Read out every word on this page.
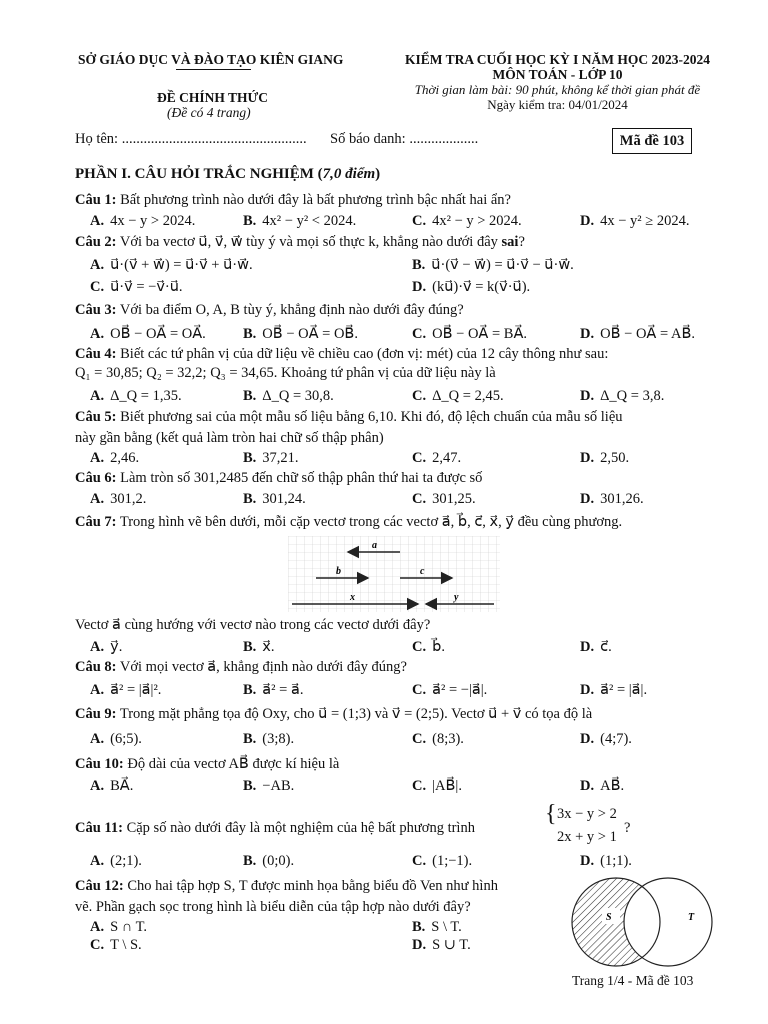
SỞ GIÁO DỤC VÀ ĐÀO TẠO KIÊN GIANG
ĐỀ CHÍNH THỨC
(Đề có 4 trang)
KIỂM TRA CUỐI HỌC KỲ I NĂM HỌC 2023-2024
MÔN TOÁN - LỚP 10
Thời gian làm bài: 90 phút, không kể thời gian phát đề
Ngày kiểm tra: 04/01/2024
Họ tên: ................................................... Số báo danh: ...................	Mã đề 103
PHẦN I. CÂU HỎI TRẮC NGHIỆM (7,0 điểm)
Câu 1: Bất phương trình nào dưới đây là bất phương trình bậc nhất hai ẩn?
A. 4x − y > 2024.	B. 4x² − y² < 2024.	C. 4x² − y > 2024.	D. 4x − y² ≥ 2024.
Câu 2: Với ba vectơ u⃗, v⃗, w⃗ tùy ý và mọi số thực k, khẳng nào dưới đây sai?
A. u⃗·(v⃗ + w⃗) = u⃗·v⃗ + u⃗·w⃗.	B. u⃗·(v⃗ − w⃗) = u⃗·v⃗ − u⃗·w⃗.
C. u⃗·v⃗ = −v⃗·u⃗.	D. (ku⃗)·v⃗ = k(v⃗·u⃗).
Câu 3: Với ba điểm O, A, B tùy ý, khẳng định nào dưới đây đúng?
A. OB⃗ − OA⃗ = OA⃗.	B. OB⃗ − OA⃗ = OB⃗.	C. OB⃗ − OA⃗ = BA⃗.	D. OB⃗ − OA⃗ = AB⃗.
Câu 4: Biết các tứ phân vị của dữ liệu về chiều cao (đơn vị: mét) của 12 cây thông như sau:
Q₁ = 30,85; Q₂ = 32,2; Q₃ = 34,65. Khoảng tứ phân vị của dữ liệu này là
A. Δ_Q = 1,35.	B. Δ_Q = 30,8.	C. Δ_Q = 2,45.	D. Δ_Q = 3,8.
Câu 5: Biết phương sai của một mẫu số liệu bằng 6,10. Khi đó, độ lệch chuẩn của mẫu số liệu
này gần bằng (kết quả làm tròn hai chữ số thập phân)
A. 2,46.	B. 37,21.	C. 2,47.	D. 2,50.
Câu 6: Làm tròn số 301,2485 đến chữ số thập phân thứ hai ta được số
A. 301,2.	B. 301,24.	C. 301,25.	D. 301,26.
Câu 7: Trong hình vẽ bên dưới, mỗi cặp vectơ trong các vectơ a⃗, b⃗, c⃗, x⃗, y⃗ đều cùng phương.
a⃗
b⃗	c⃗
x⃗	y⃗
Vectơ a⃗ cùng hướng với vectơ nào trong các vectơ dưới đây?
A. y⃗.	B. x⃗.	C. b⃗.	D. c⃗.
Câu 8: Với mọi vectơ a⃗, khẳng định nào dưới đây đúng?
A. a⃗² = |a⃗|².	B. a⃗² = a⃗.	C. a⃗² = −|a⃗|.	D. a⃗² = |a⃗|.
Câu 9: Trong mặt phẳng tọa độ Oxy, cho u⃗ = (1;3) và v⃗ = (2;5). Vectơ u⃗ + v⃗ có tọa độ là
A. (6;5).	B. (3;8).	C. (8;3).	D. (4;7).
Câu 10: Độ dài của vectơ AB⃗ được kí hiệu là
A. BA⃗.	B. −AB.	C. |AB⃗|.	D. AB⃗.
Câu 11: Cặp số nào dưới đây là một nghiệm của hệ bất phương trình
{ 3x − y > 2
2x + y > 1
?
A. (2;1).	B. (0;0).	C. (1;−1).	D. (1;1).
Câu 12: Cho hai tập hợp S, T được minh họa bằng biểu đồ Ven như hình
vẽ. Phần gạch sọc trong hình là biểu diễn của tập hợp nào dưới đây?
A. S ∩ T.	B. S \ T.
C. T \ S.	D. S ∪ T.
S	T
Trang 1/4 - Mã đề 103
